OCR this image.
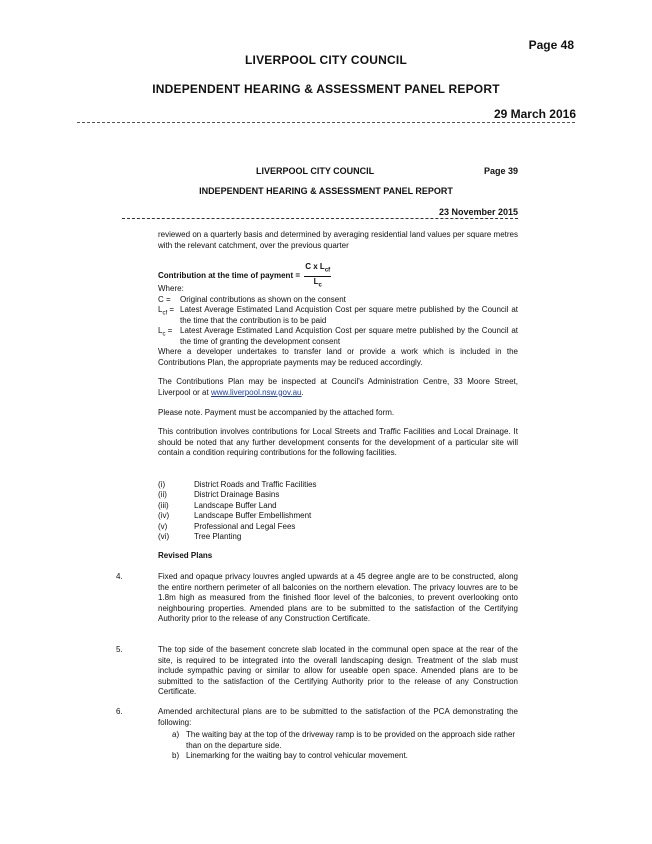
Page 48
LIVERPOOL CITY COUNCIL
INDEPENDENT HEARING & ASSESSMENT PANEL REPORT
29 March 2016
LIVERPOOL CITY COUNCIL	Page 39
INDEPENDENT HEARING & ASSESSMENT PANEL REPORT
23 November 2015
reviewed on a quarterly basis and determined by averaging residential land values per square metres with the relevant catchment, over the previous quarter
Contribution at the time of payment = $\frac{C x L_{cf}}{L_c}$
Where:
C =	Original contributions as shown on the consent
$L_{cf}$ = Latest Average Estimated Land Acquistion Cost per square metre published by the Council at the time that the contribution is to be paid
$L_c$ = Latest Average Estimated Land Acquistion Cost per square metre published by the Council at the time of granting the development consent
Where a developer undertakes to transfer land or provide a work which is included in the Contributions Plan, the appropriate payments may be reduced accordingly.
The Contributions Plan may be inspected at Council's Administration Centre, 33 Moore Street, Liverpool or at www.liverpool.nsw.gov.au.
Please note. Payment must be accompanied by the attached form.
This contribution involves contributions for Local Streets and Traffic Facilities and Local Drainage. It should be noted that any further development consents for the development of a particular site will contain a condition requiring contributions for the following facilities.
(i)	District Roads and Traffic Facilities
(ii)	District Drainage Basins
(iii)	Landscape Buffer Land
(iv)	Landscape Buffer Embellishment
(v)	Professional and Legal Fees
(vi)	Tree Planting
Revised Plans
4.	Fixed and opaque privacy louvres angled upwards at a 45 degree angle are to be constructed, along the entire northern perimeter of all balconies on the northern elevation. The privacy louvres are to be 1.8m high as measured from the finished floor level of the balconies, to prevent overlooking onto neighbouring properties. Amended plans are to be submitted to the satisfaction of the Certifying Authority prior to the release of any Construction Certificate.
5.	The top side of the basement concrete slab located in the communal open space at the rear of the site, is required to be integrated into the overall landscaping design. Treatment of the slab must include sympathic paving or similar to allow for useable open space. Amended plans are to be submitted to the satisfaction of the Certifying Authority prior to the release of any Construction Certificate.
6.	Amended architectural plans are to be submitted to the satisfaction of the PCA demonstrating the following:
a) The waiting bay at the top of the driveway ramp is to be provided on the approach side rather than on the departure side.
b) Linemarking for the waiting bay to control vehicular movement.
